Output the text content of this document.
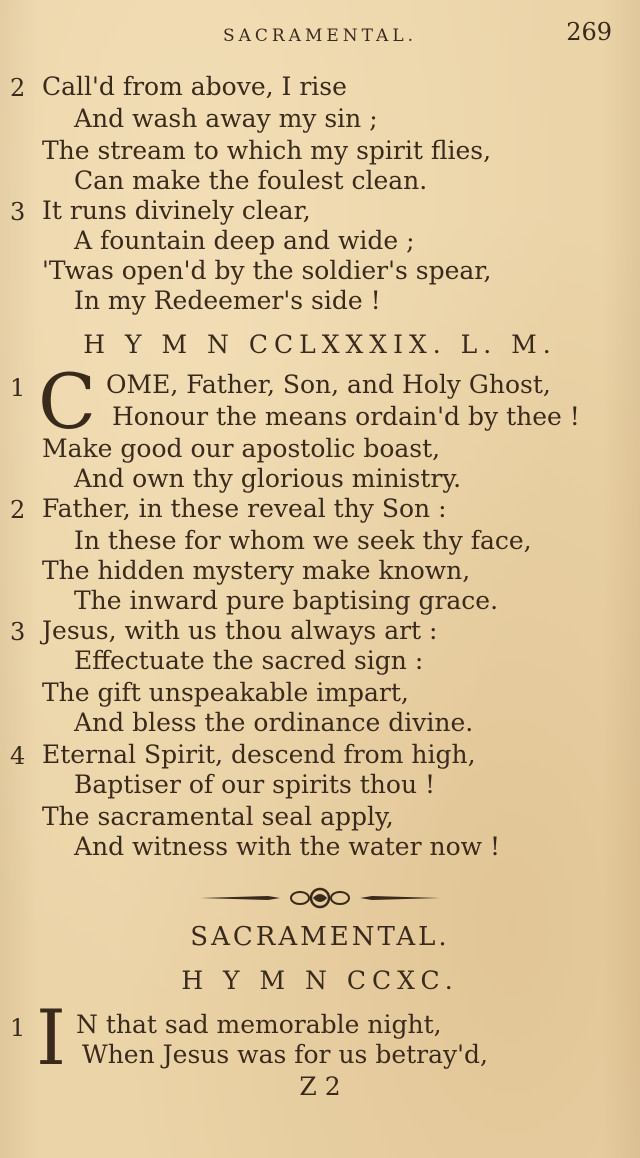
SACRAMENTAL.	269
2 Call'd from above, I rise
And wash away my sin ;
The stream to which my spirit flies,
Can make the foulest clean.
3 It runs divinely clear,
A fountain deep and wide ;
'Twas open'd by the soldier's spear,
In my Redeemer's side !
H Y M N CCLXXXIX. L. M.
1 C OME, Father, Son, and Holy Ghost,
Honour the means ordain'd by thee !
Make good our apostolic boast,
And own thy glorious ministry.
2 Father, in these reveal thy Son :
In these for whom we seek thy face,
The hidden mystery make known,
The inward pure baptising grace.
3 Jesus, with us thou always art :
Effectuate the sacred sign :
The gift unspeakable impart,
And bless the ordinance divine.
4 Eternal Spirit, descend from high,
Baptiser of our spirits thou !
The sacramental seal apply,
And witness with the water now !
SACRAMENTAL.
H Y M N CCXC.
1 I N that sad memorable night,
When Jesus was for us betray'd,
Z 2
